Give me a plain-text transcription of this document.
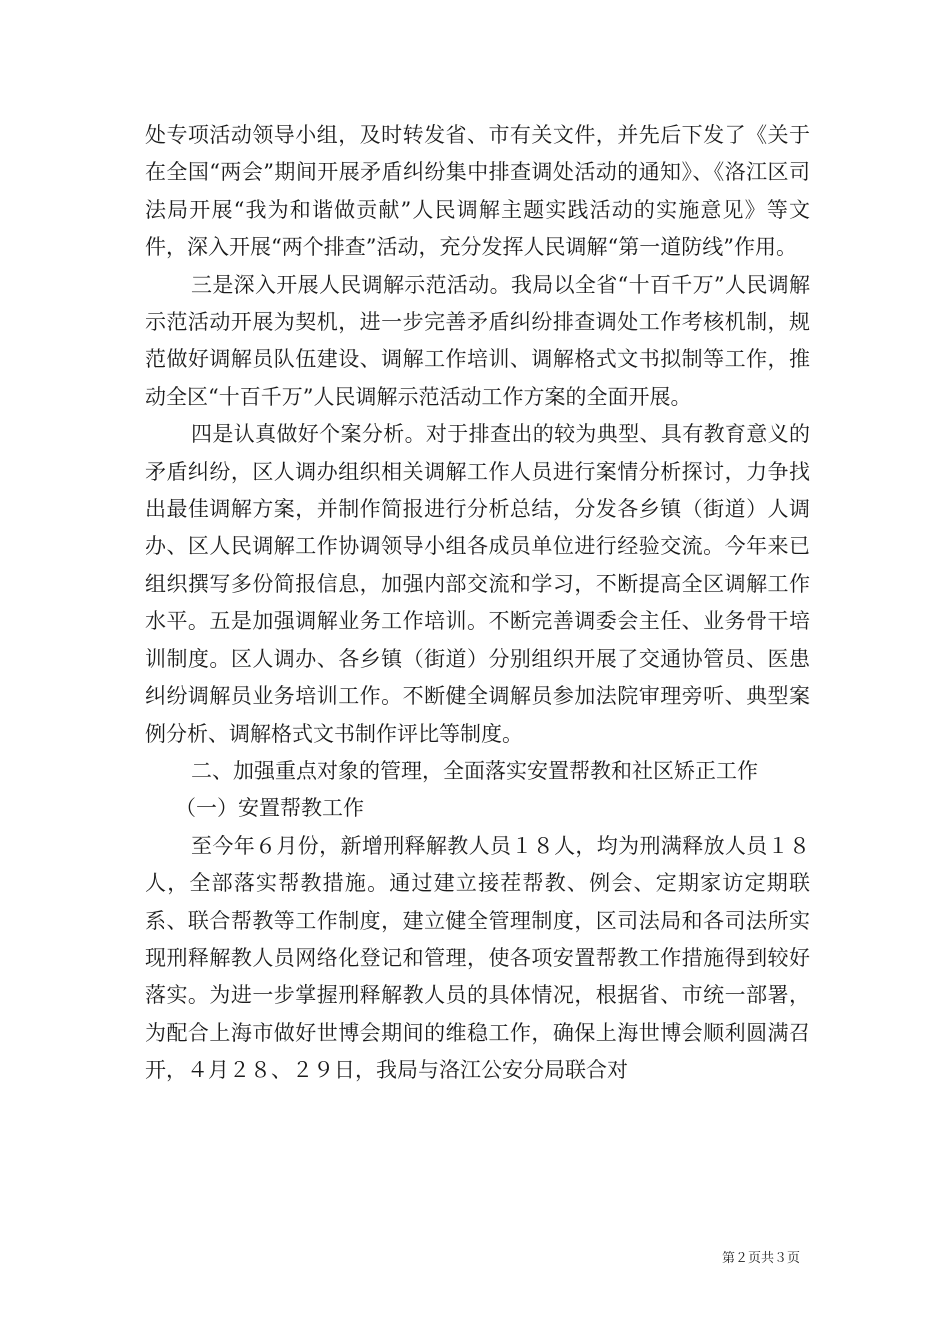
处专项活动领导小组，及时转发省、市有关文件，并先后下发了《关于在全国“两会”期间开展矛盾纠纷集中排查调处活动的通知》、《洛江区司法局开展“我为和谐做贡献”人民调解主题实践活动的实施意见》等文件，深入开展“两个排查”活动，充分发挥人民调解“第一道防线”作用。

三是深入开展人民调解示范活动。我局以全省“十百千万”人民调解示范活动开展为契机，进一步完善矛盾纠纷排查调处工作考核机制，规范做好调解员队伍建设、调解工作培训、调解格式文书拟制等工作，推动全区“十百千万”人民调解示范活动工作方案的全面开展。

四是认真做好个案分析。对于排查出的较为典型、具有教育意义的矛盾纠纷，区人调办组织相关调解工作人员进行案情分析探讨，力争找出最佳调解方案，并制作简报进行分析总结，分发各乡镇（街道）人调办、区人民调解工作协调领导小组各成员单位进行经验交流。今年来已组织撰写多份简报信息，加强内部交流和学习，不断提高全区调解工作水平。五是加强调解业务工作培训。不断完善调委会主任、业务骨干培训制度。区人调办、各乡镇（街道）分别组织开展了交通协管员、医患纠纷调解员业务培训工作。不断健全调解员参加法院审理旁听、典型案例分析、调解格式文书制作评比等制度。

二、加强重点对象的管理，全面落实安置帮教和社区矫正工作

（一）安置帮教工作

至今年６月份，新增刑释解教人员１８人，均为刑满释放人员１８人，全部落实帮教措施。通过建立接茬帮教、例会、定期家访定期联系、联合帮教等工作制度，建立健全管理制度，区司法局和各司法所实现刑释解教人员网络化登记和管理，使各项安置帮教工作措施得到较好落实。为进一步掌握刑释解教人员的具体情况，根据省、市统一部署，为配合上海市做好世博会期间的维稳工作，确保上海世博会顺利圆满召开，４月２８、２９日，我局与洛江公安分局联合对

第２页共３页
